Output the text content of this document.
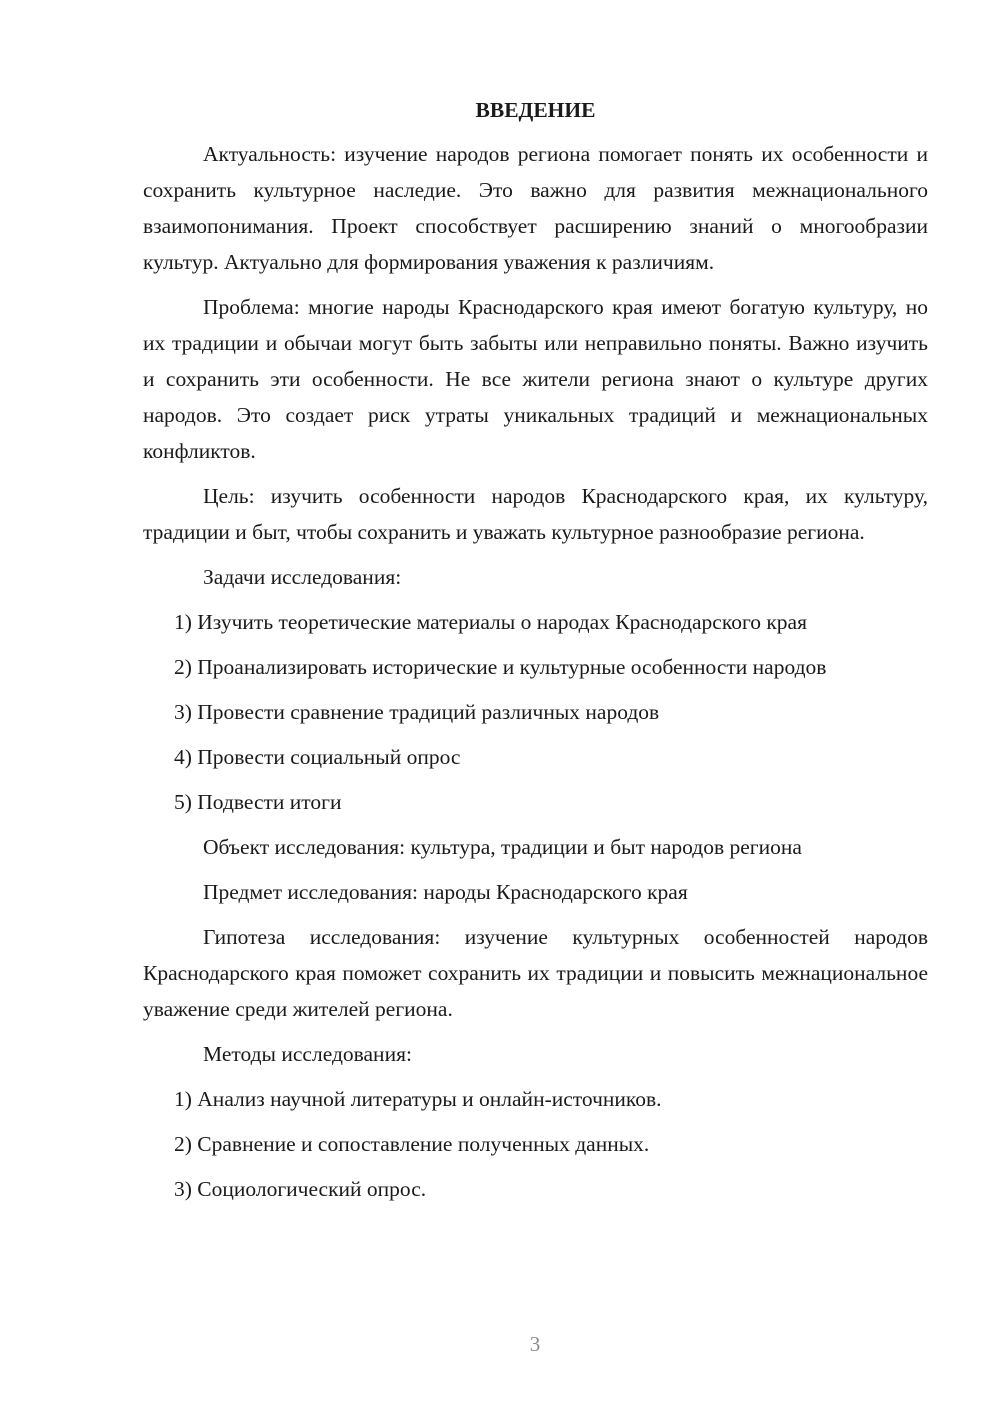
ВВЕДЕНИЕ

Актуальность: изучение народов региона помогает понять их особенности и сохранить культурное наследие. Это важно для развития межнационального взаимопонимания. Проект способствует расширению знаний о многообразии культур. Актуально для формирования уважения к различиям.

Проблема: многие народы Краснодарского края имеют богатую культуру, но их традиции и обычаи могут быть забыты или неправильно поняты. Важно изучить и сохранить эти особенности. Не все жители региона знают о культуре других народов. Это создает риск утраты уникальных традиций и межнациональных конфликтов.

Цель: изучить особенности народов Краснодарского края, их культуру, традиции и быт, чтобы сохранить и уважать культурное разнообразие региона.

Задачи исследования:

1) Изучить теоретические материалы о народах Краснодарского края
2) Проанализировать исторические и культурные особенности народов
3) Провести сравнение традиций различных народов
4) Провести социальный опрос
5) Подвести итоги

Объект исследования: культура, традиции и быт народов региона

Предмет исследования: народы Краснодарского края

Гипотеза исследования: изучение культурных особенностей народов Краснодарского края поможет сохранить их традиции и повысить межнациональное уважение среди жителей региона.

Методы исследования:

1) Анализ научной литературы и онлайн-источников.
2) Сравнение и сопоставление полученных данных.
3) Социологический опрос.
3
